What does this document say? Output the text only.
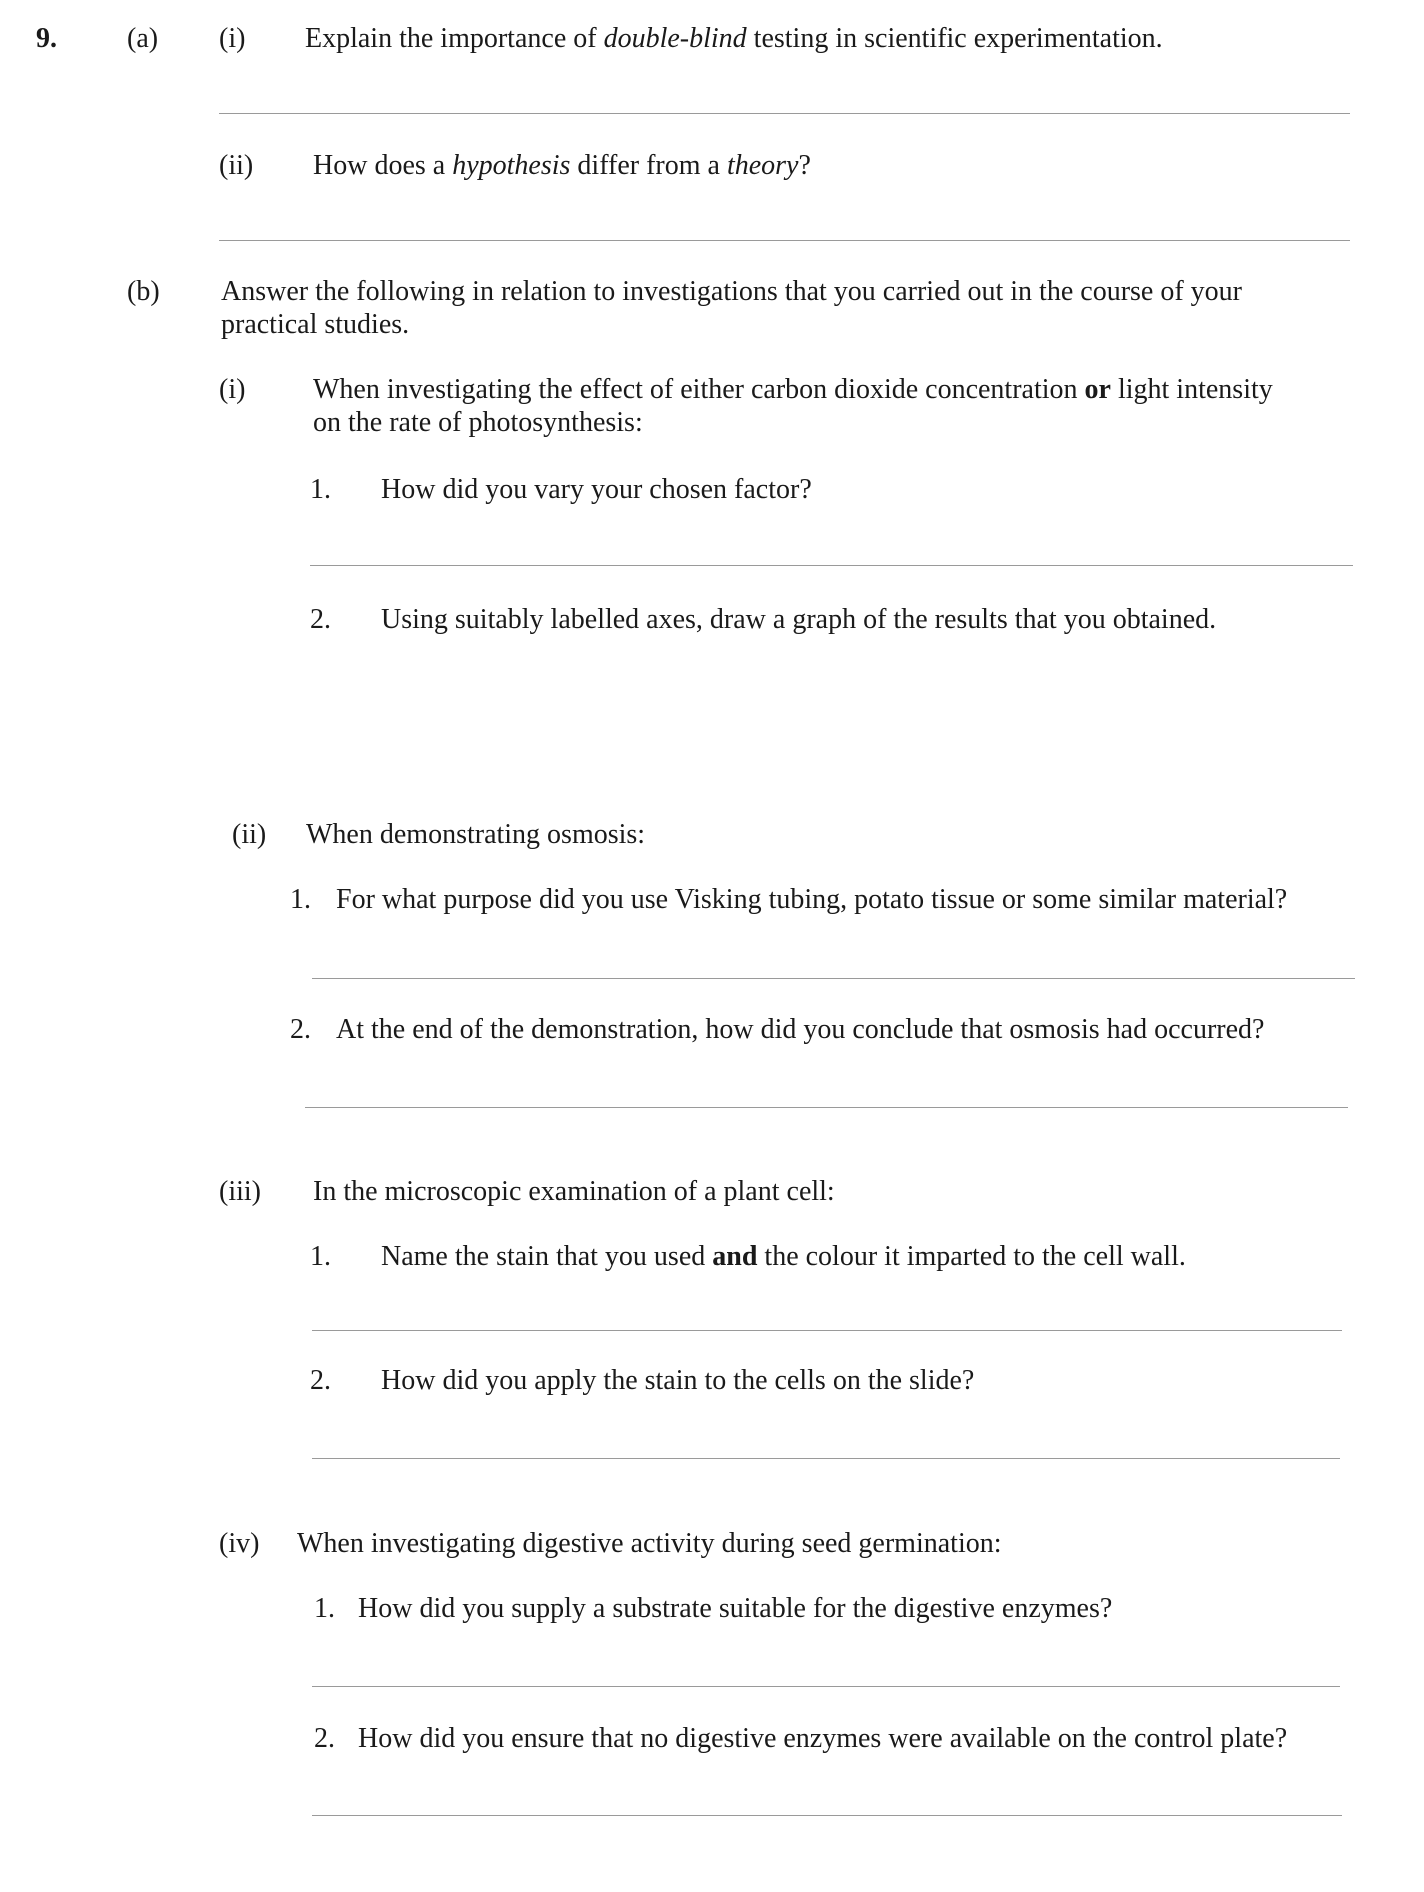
9.	(a) (i) Explain the importance of double-blind testing in scientific experimentation.
(ii) How does a hypothesis differ from a theory?
(b) Answer the following in relation to investigations that you carried out in the course of your
practical studies.
(i) When investigating the effect of either carbon dioxide concentration or light intensity
on the rate of photosynthesis:
1. How did you vary your chosen factor?
2. Using suitably labelled axes, draw a graph of the results that you obtained.
(ii) When demonstrating osmosis:
1. For what purpose did you use Visking tubing, potato tissue or some similar material?
2. At the end of the demonstration, how did you conclude that osmosis had occurred?
(iii) In the microscopic examination of a plant cell:
1. Name the stain that you used and the colour it imparted to the cell wall.
2. How did you apply the stain to the cells on the slide?
(iv) When investigating digestive activity during seed germination:
1. How did you supply a substrate suitable for the digestive enzymes?
2. How did you ensure that no digestive enzymes were available on the control plate?
